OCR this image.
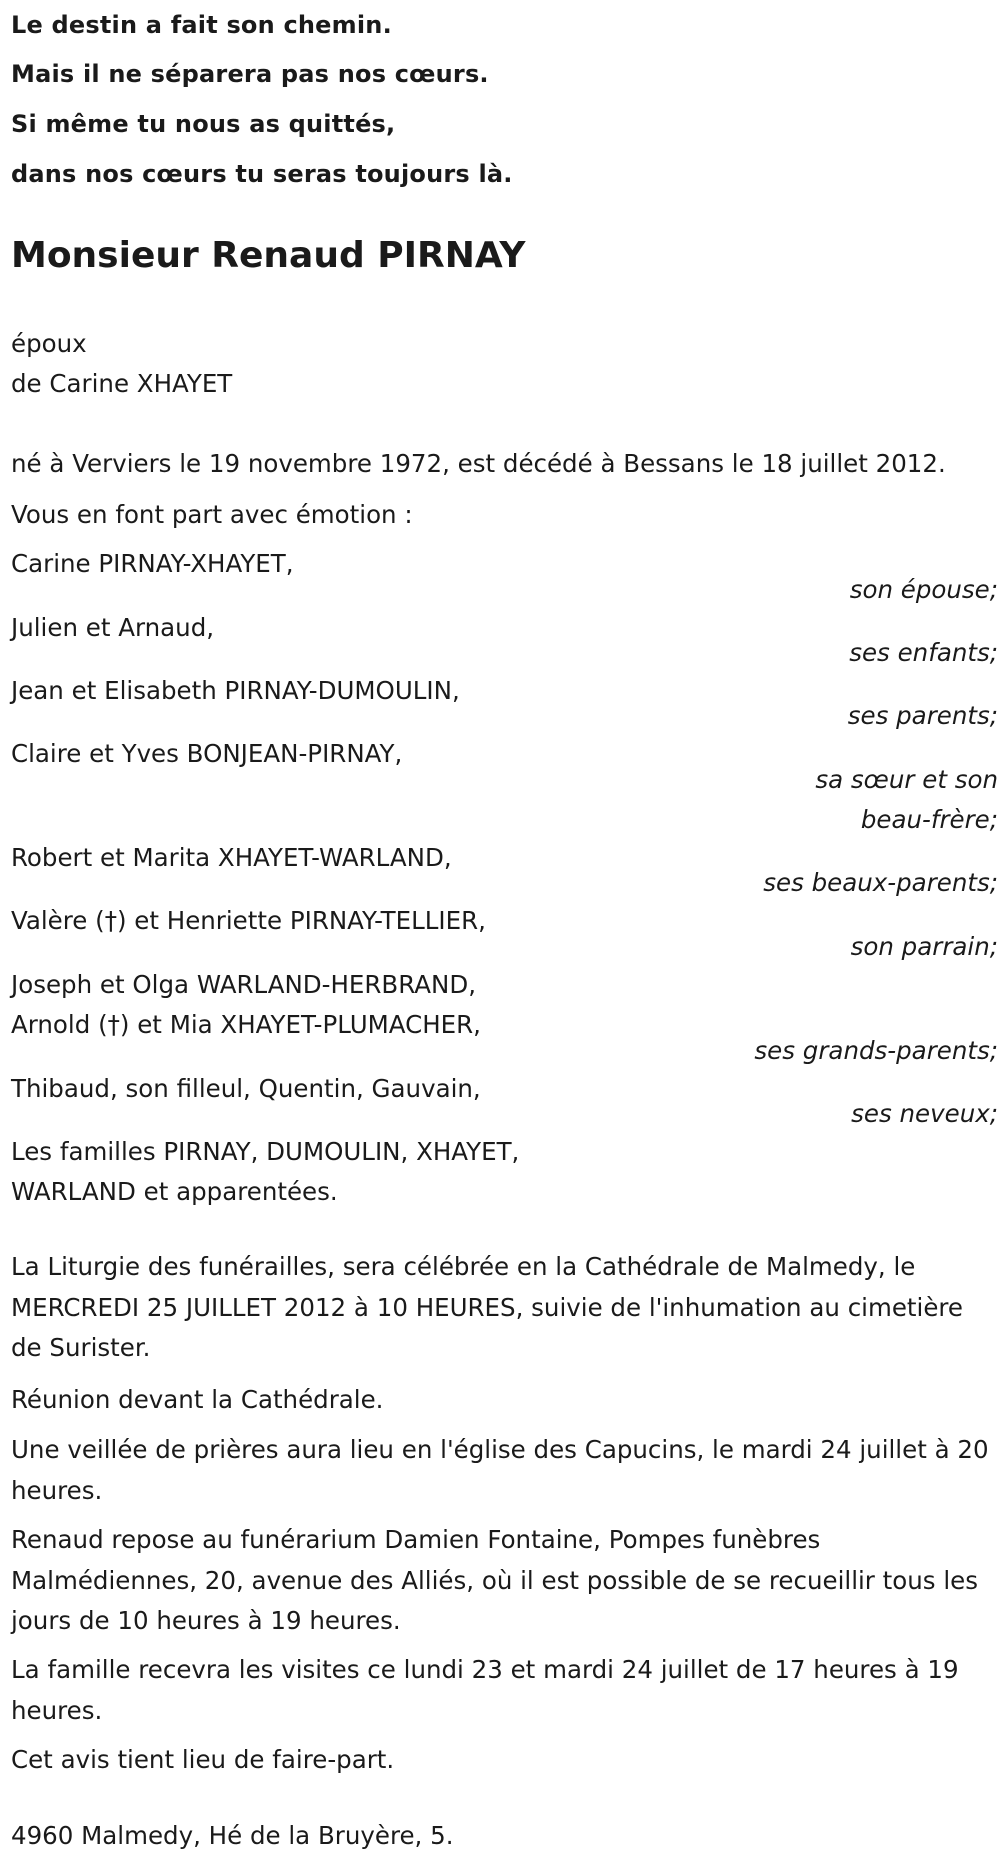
Le destin a fait son chemin.
Mais il ne séparera pas nos cœurs.
Si même tu nous as quittés,
dans nos cœurs tu seras toujours là.
Monsieur Renaud PIRNAY
époux
de Carine XHAYET
né à Verviers le 19 novembre 1972, est décédé à Bessans le 18 juillet 2012.
Vous en font part avec émotion :
Carine PIRNAY-XHAYET,
son épouse;
Julien et Arnaud,
ses enfants;
Jean et Elisabeth PIRNAY-DUMOULIN,
ses parents;
Claire et Yves BONJEAN-PIRNAY,
sa sœur et son
beau-frère;
Robert et Marita XHAYET-WARLAND,
ses beaux-parents;
Valère (†) et Henriette PIRNAY-TELLIER,
son parrain;
Joseph et Olga WARLAND-HERBRAND,
Arnold (†) et Mia XHAYET-PLUMACHER,
ses grands-parents;
Thibaud, son filleul, Quentin, Gauvain,
ses neveux;
Les familles PIRNAY, DUMOULIN, XHAYET,
WARLAND et apparentées.
La Liturgie des funérailles, sera célébrée en la Cathédrale de Malmedy, le MERCREDI 25 JUILLET 2012 à 10 HEURES, suivie de l'inhumation au cimetière de Surister.
Réunion devant la Cathédrale.
Une veillée de prières aura lieu en l'église des Capucins, le mardi 24 juillet à 20 heures.
Renaud repose au funérarium Damien Fontaine, Pompes funèbres Malmédiennes, 20, avenue des Alliés, où il est possible de se recueillir tous les jours de 10 heures à 19 heures.
La famille recevra les visites ce lundi 23 et mardi 24 juillet de 17 heures à 19 heures.
Cet avis tient lieu de faire-part.
4960 Malmedy, Hé de la Bruyère, 5.
